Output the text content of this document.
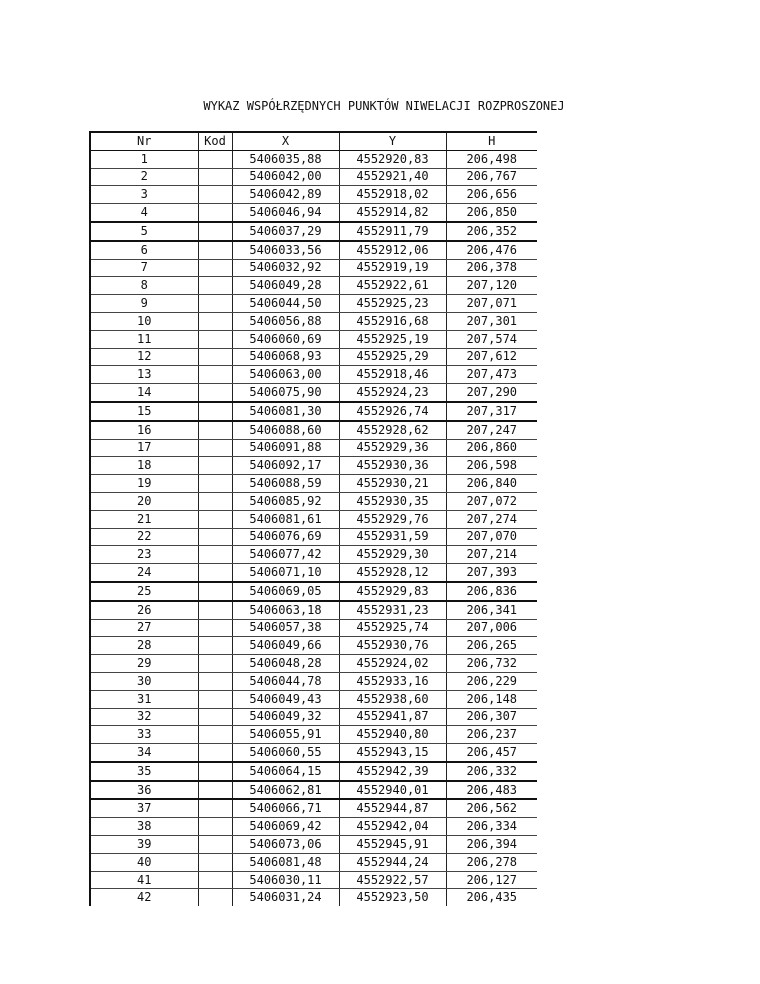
WYKAZ WSPÓŁRZĘDNYCH PUNKTÓW NIWELACJI ROZPROSZONEJ
Nr	Kod	X	Y	H
1		5406035,88	4552920,83	206,498
2		5406042,00	4552921,40	206,767
3		5406042,89	4552918,02	206,656
4		5406046,94	4552914,82	206,850
5		5406037,29	4552911,79	206,352
6		5406033,56	4552912,06	206,476
7		5406032,92	4552919,19	206,378
8		5406049,28	4552922,61	207,120
9		5406044,50	4552925,23	207,071
10		5406056,88	4552916,68	207,301
11		5406060,69	4552925,19	207,574
12		5406068,93	4552925,29	207,612
13		5406063,00	4552918,46	207,473
14		5406075,90	4552924,23	207,290
15		5406081,30	4552926,74	207,317
16		5406088,60	4552928,62	207,247
17		5406091,88	4552929,36	206,860
18		5406092,17	4552930,36	206,598
19		5406088,59	4552930,21	206,840
20		5406085,92	4552930,35	207,072
21		5406081,61	4552929,76	207,274
22		5406076,69	4552931,59	207,070
23		5406077,42	4552929,30	207,214
24		5406071,10	4552928,12	207,393
25		5406069,05	4552929,83	206,836
26		5406063,18	4552931,23	206,341
27		5406057,38	4552925,74	207,006
28		5406049,66	4552930,76	206,265
29		5406048,28	4552924,02	206,732
30		5406044,78	4552933,16	206,229
31		5406049,43	4552938,60	206,148
32		5406049,32	4552941,87	206,307
33		5406055,91	4552940,80	206,237
34		5406060,55	4552943,15	206,457
35		5406064,15	4552942,39	206,332
36		5406062,81	4552940,01	206,483
37		5406066,71	4552944,87	206,562
38		5406069,42	4552942,04	206,334
39		5406073,06	4552945,91	206,394
40		5406081,48	4552944,24	206,278
41		5406030,11	4552922,57	206,127
42		5406031,24	4552923,50	206,435
